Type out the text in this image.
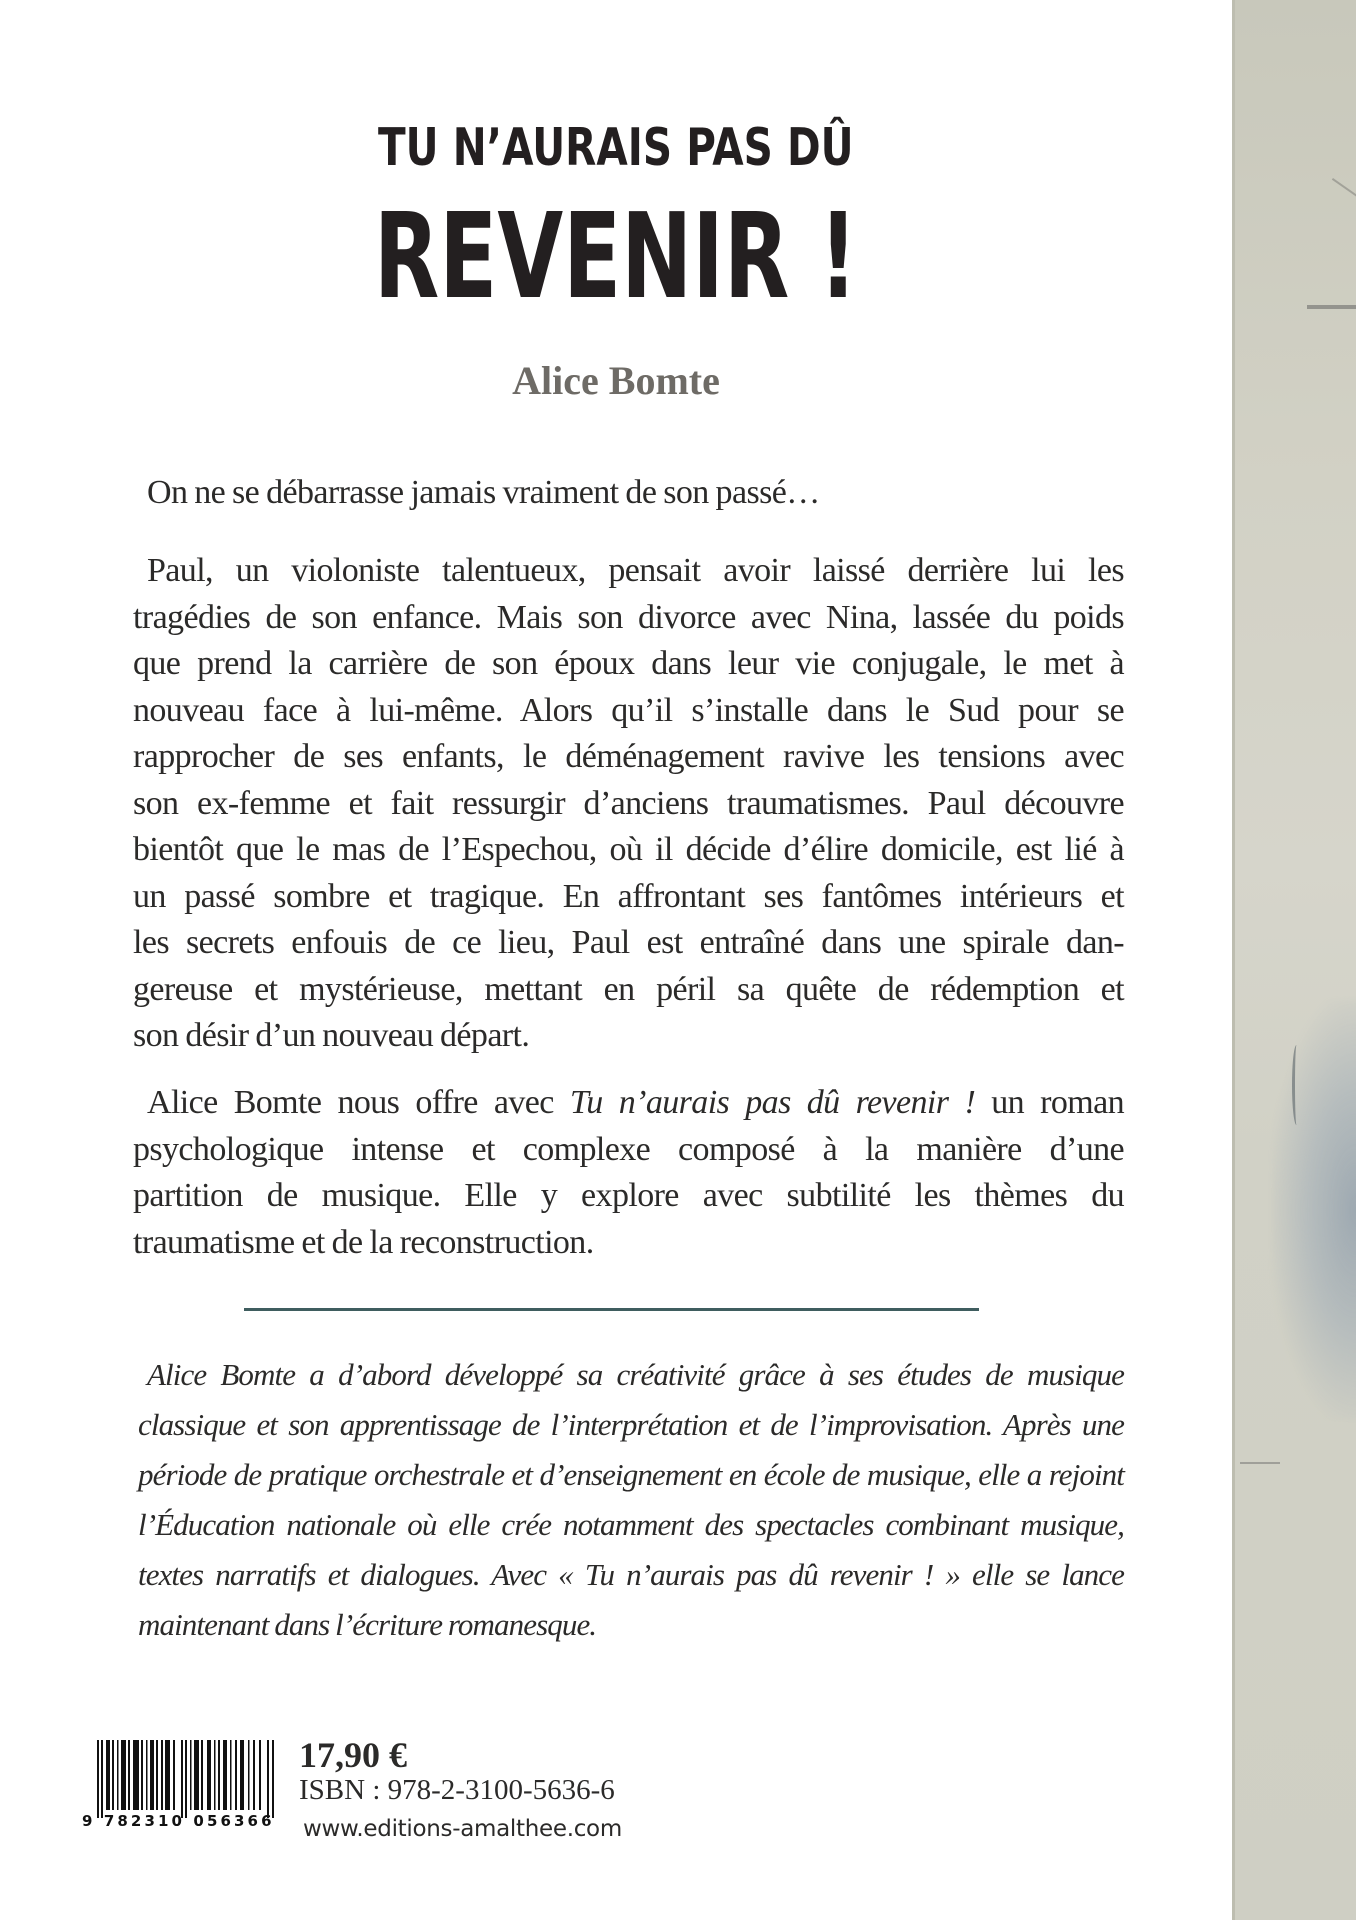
TU N’AURAIS PAS DÛ
REVENIR !
Alice Bomte
On ne se débarrasse jamais vraiment de son passé…
Paul, un violoniste talentueux, pensait avoir laissé derrière lui les
tragédies de son enfance. Mais son divorce avec Nina, lassée du poids
que prend la carrière de son époux dans leur vie conjugale, le met à
nouveau face à lui-même. Alors qu’il s’installe dans le Sud pour se
rapprocher de ses enfants, le déménagement ravive les tensions avec
son ex-femme et fait ressurgir d’anciens traumatismes. Paul découvre
bientôt que le mas de l’Espechou, où il décide d’élire domicile, est lié à
un passé sombre et tragique. En affrontant ses fantômes intérieurs et
les secrets enfouis de ce lieu, Paul est entraîné dans une spirale dan-
gereuse et mystérieuse, mettant en péril sa quête de rédemption et
son désir d’un nouveau départ.
Alice Bomte nous offre avec Tu n’aurais pas dû revenir ! un roman
psychologique intense et complexe composé à la manière d’une
partition de musique. Elle y explore avec subtilité les thèmes du
traumatisme et de la reconstruction.
Alice Bomte a d’abord développé sa créativité grâce à ses études de musique
classique et son apprentissage de l’interprétation et de l’improvisation. Après une
période de pratique orchestrale et d’enseignement en école de musique, elle a rejoint
l’Éducation nationale où elle crée notamment des spectacles combinant musique,
textes narratifs et dialogues. Avec « Tu n’aurais pas dû revenir ! » elle se lance
maintenant dans l’écriture romanesque.
9 782310 056366
17,90 €
ISBN : 978-2-3100-5636-6
www.editions-amalthee.com
